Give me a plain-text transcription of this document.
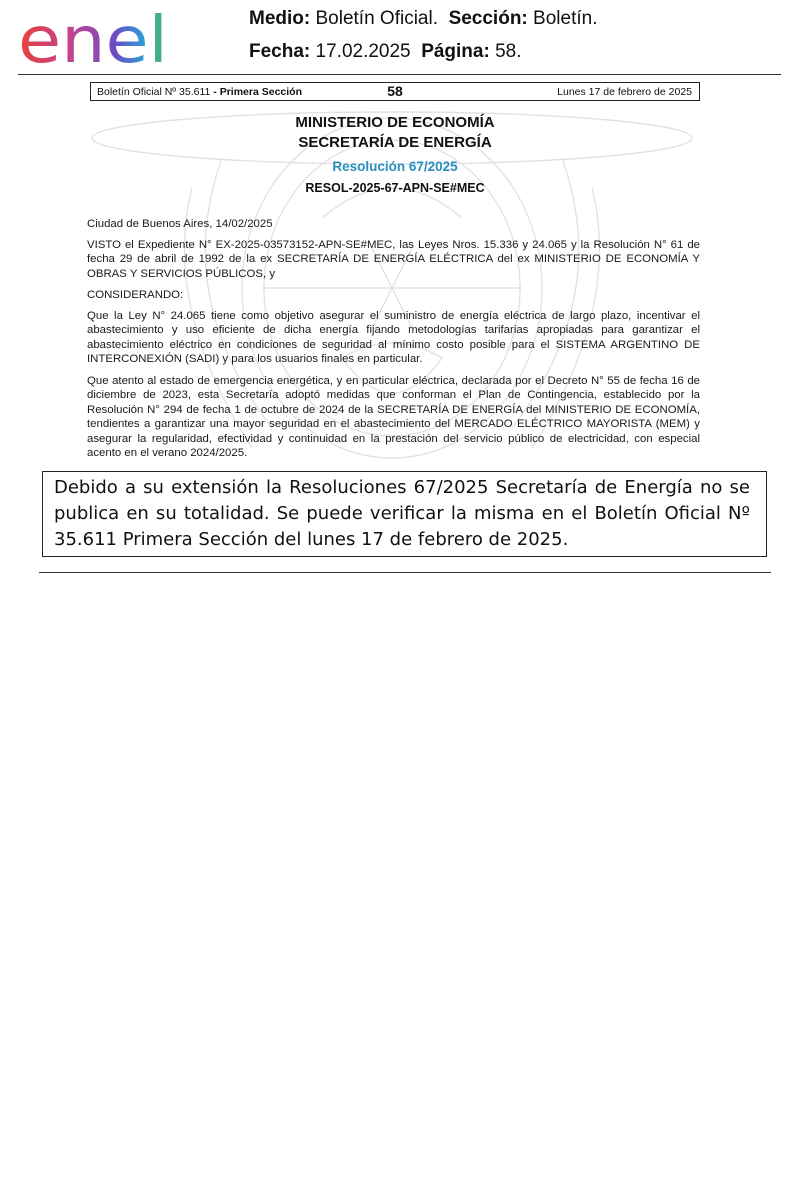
enel	Medio: Boletín Oficial. Sección: Boletín.
Fecha: 17.02.2025 Página: 58.
Boletín Oficial Nº 35.611 - Primera Sección	58	Lunes 17 de febrero de 2025
MINISTERIO DE ECONOMÍA
SECRETARÍA DE ENERGÍA
Resolución 67/2025
RESOL-2025-67-APN-SE#MEC

Ciudad de Buenos Aires, 14/02/2025

VISTO el Expediente N° EX-2025-03573152-APN-SE#MEC, las Leyes Nros. 15.336 y 24.065 y la Resolución N° 61 de fecha 29 de abril de 1992 de la ex SECRETARÍA DE ENERGÍA ELÉCTRICA del ex MINISTERIO DE ECONOMÍA Y OBRAS Y SERVICIOS PÚBLICOS, y

CONSIDERANDO:

Que la Ley N° 24.065 tiene como objetivo asegurar el suministro de energía eléctrica de largo plazo, incentivar el abastecimiento y uso eficiente de dicha energía fijando metodologías tarifarias apropiadas para garantizar el abastecimiento eléctrico en condiciones de seguridad al mínimo costo posible para el SISTEMA ARGENTINO DE INTERCONEXIÓN (SADI) y para los usuarios finales en particular.

Que atento al estado de emergencia energética, y en particular eléctrica, declarada por el Decreto N° 55 de fecha 16 de diciembre de 2023, esta Secretaría adoptó medidas que conforman el Plan de Contingencia, establecido por la Resolución N° 294 de fecha 1 de octubre de 2024 de la SECRETARÍA DE ENERGÍA del MINISTERIO DE ECONOMÍA, tendientes a garantizar una mayor seguridad en el abastecimiento del MERCADO ELÉCTRICO MAYORISTA (MEM) y asegurar la regularidad, efectividad y continuidad en la prestación del servicio público de electricidad, con especial acento en el verano 2024/2025.

Debido a su extensión la Resoluciones 67/2025 Secretaría de Energía no se publica en su totalidad. Se puede verificar la misma en el Boletín Oficial Nº 35.611 Primera Sección del lunes 17 de febrero de 2025.
